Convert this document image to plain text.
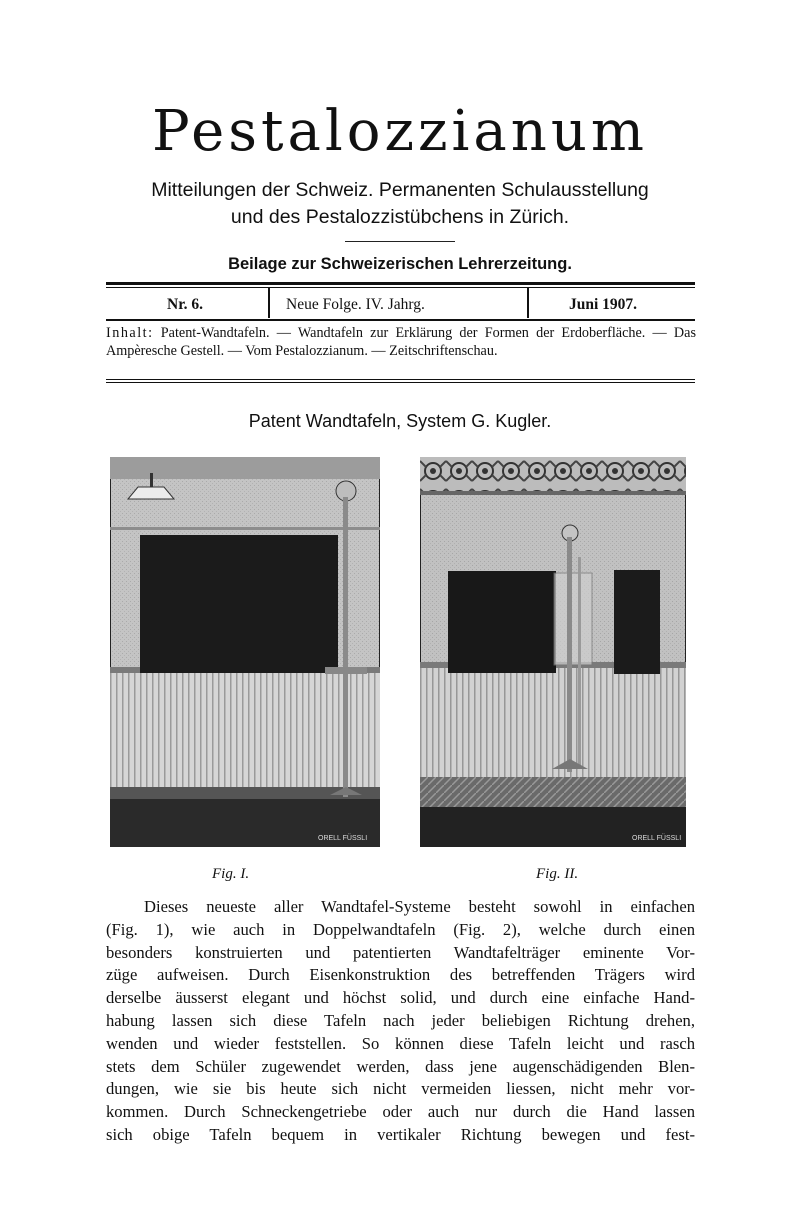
Pestalozzianum
Mitteilungen der Schweiz. Permanenten Schulausstellung
und des Pestalozzistübchens in Zürich.
Beilage zur Schweizerischen Lehrerzeitung.
Nr. 6.	Neue Folge. IV. Jahrg.	Juni 1907.
Inhalt: Patent-Wandtafeln. — Wandtafeln zur Erklärung der Formen der Erdoberfläche. — Das Ampèresche Gestell. — Vom Pestalozzianum. — Zeitschriftenschau.
Patent Wandtafeln, System G. Kugler.
ORELL FÜSSLI	ORELL FÜSSLI
Fig. I.	Fig. II.
Dieses neueste aller Wandtafel-Systeme besteht sowohl in einfachen
(Fig. 1), wie auch in Doppelwandtafeln (Fig. 2), welche durch einen
besonders konstruierten und patentierten Wandtafelträger eminente Vor-
züge aufweisen. Durch Eisenkonstruktion des betreffenden Trägers wird
derselbe äusserst elegant und höchst solid, und durch eine einfache Hand-
habung lassen sich diese Tafeln nach jeder beliebigen Richtung drehen,
wenden und wieder feststellen. So können diese Tafeln leicht und rasch
stets dem Schüler zugewendet werden, dass jene augenschädigenden Blen-
dungen, wie sie bis heute sich nicht vermeiden liessen, nicht mehr vor-
kommen. Durch Schneckengetriebe oder auch nur durch die Hand lassen
sich obige Tafeln bequem in vertikaler Richtung bewegen und fest-
